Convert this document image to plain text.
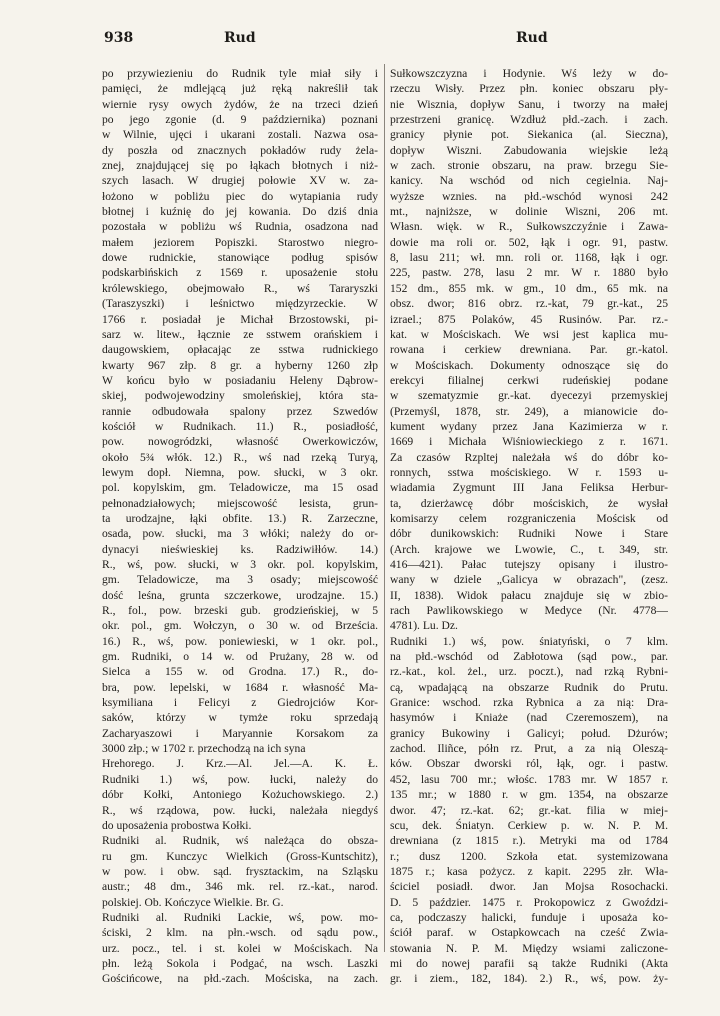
938	Rud	Rud
po przywiezieniu do Rudnik tyle miał siły i
pamięci, że mdlejącą już ręką nakreślił tak
wiernie rysy owych żydów, że na trzeci dzień
po jego zgonie (d. 9 października) poznani
w Wilnie, ujęci i ukarani zostali. Nazwa osa-
dy poszła od znacznych pokładów rudy żela-
znej, znajdującej się po łąkach błotnych i niż-
szych lasach. W drugiej połowie XV w. za-
łożono w pobliżu piec do wytapiania rudy
błotnej i kuźnię do jej kowania. Do dziś dnia
pozostała w pobliżu wś Rudnia, osadzona nad
małem jeziorem Popiszki. Starostwo niegro-
dowe rudnickie, stanowiące podług spisów
podskarbińskich z 1569 r. uposażenie stołu
królewskiego, obejmowało R., wś Tararyszki
(Taraszyszki) i leśnictwo międzyrzeckie. W
1766 r. posiadał je Michał Brzostowski, pi-
sarz w. litew., łącznie ze sstwem orańskiem i
daugowskiem, opłacając ze sstwa rudnickiego
kwarty 967 złp. 8 gr. a hyberny 1260 złp
W końcu było w posiadaniu Heleny Dąbrow-
skiej, podwojewodziny smoleńskiej, która sta-
rannie odbudowała spalony przez Szwedów
kościół w Rudnikach. 11.) R., posiadłość,
pow. nowogródzki, własność Owerkowiczów,
około 5¾ włók. 12.) R., wś nad rzeką Turyą,
lewym dopł. Niemna, pow. słucki, w 3 okr.
pol. kopylskim, gm. Teladowicze, ma 15 osad
pełnonadziałowych; miejscowość lesista, grun-
ta urodzajne, łąki obfite. 13.) R. Zarzeczne,
osada, pow. słucki, ma 3 włóki; należy do or-
dynacyi nieświeskiej ks. Radziwiłłów. 14.)
R., wś, pow. słucki, w 3 okr. pol. kopylskim,
gm. Teladowicze, ma 3 osady; miejscowość
dość leśna, grunta szczerkowe, urodzajne. 15.)
R., fol., pow. brzeski gub. grodzieńskiej, w 5
okr. pol., gm. Wołczyn, o 30 w. od Brześcia.
16.) R., wś, pow. poniewieski, w 1 okr. pol.,
gm. Rudniki, o 14 w. od Prużany, 28 w. od
Sielca a 155 w. od Grodna. 17.) R., do-
bra, pow. lepelski, w 1684 r. własność Ma-
ksymiliana i Felicyi z Giedrojciów Kor-
saków, którzy w tymże roku sprzedają
Zacharyaszowi i Maryannie Korsakom za
3000 złp.; w 1702 r. przechodzą na ich syna
Hrehorego. J. Krz.—Al. Jel.—A. K. Ł.
Rudniki 1.) wś, pow. łucki, należy do
dóbr Kołki, Antoniego Kożuchowskiego. 2.)
R., wś rządowa, pow. łucki, należała niegdyś
do uposażenia probostwa Kołki.
Rudniki al. Rudnik, wś należąca do obsza-
ru gm. Kunczyc Wielkich (Gross-Kuntschitz),
w pow. i obw. sąd. frysztackim, na Szląsku
austr.; 48 dm., 346 mk. rel. rz.-kat., narod.
polskiej. Ob. Kończyce Wielkie. Br. G.
Rudniki al. Rudniki Lackie, wś, pow. mo-
ściski, 2 klm. na płn.-wsch. od sądu pow.,
urz. pocz., tel. i st. kolei w Mościskach. Na
płn. leżą Sokola i Podgać, na wsch. Laszki
Gościńcowe, na płd.-zach. Mościska, na zach.
Sułkowszczyzna i Hodynie. Wś leży w do-
rzeczu Wisły. Przez płn. koniec obszaru pły-
nie Wisznia, dopływ Sanu, i tworzy na małej
przestrzeni granicę. Wzdłuż płd.-zach. i zach.
granicy płynie pot. Siekanica (al. Sieczna),
dopływ Wiszni. Zabudowania wiejskie leżą
w zach. stronie obszaru, na praw. brzegu Sie-
kanicy. Na wschód od nich cegielnia. Naj-
wyższe wznies. na płd.-wschód wynosi 242
mt., najniższe, w dolinie Wiszni, 206 mt.
Własn. więk. w R., Sułkowszczyźnie i Zawa-
dowie ma roli or. 502, łąk i ogr. 91, pastw.
8, lasu 211; wł. mn. roli or. 1168, łąk i ogr.
225, pastw. 278, lasu 2 mr. W r. 1880 było
152 dm., 855 mk. w gm., 10 dm., 65 mk. na
obsz. dwor; 816 obrz. rz.-kat, 79 gr.-kat., 25
izrael.; 875 Polaków, 45 Rusinów. Par. rz.-
kat. w Mościskach. We wsi jest kaplica mu-
rowana i cerkiew drewniana. Par. gr.-katol.
w Mościskach. Dokumenty odnoszące się do
erekcyi filialnej cerkwi rudeńskiej podane
w szematyzmie gr.-kat. dyecezyi przemyskiej
(Przemyśl, 1878, str. 249), a mianowicie do-
kument wydany przez Jana Kazimierza w r.
1669 i Michała Wiśniowieckiego z r. 1671.
Za czasów Rzpltej należała wś do dóbr ko-
ronnych, sstwa mościskiego. W r. 1593 u-
wiadamia Zygmunt III Jana Feliksa Herbur-
ta, dzierżawcę dóbr mościskich, że wysłał
komisarzy celem rozgraniczenia Mościsk od
dóbr dunikowskich: Rudniki Nowe i Stare
(Arch. krajowe we Lwowie, C., t. 349, str.
416—421). Pałac tutejszy opisany i ilustro-
wany w dziele „Galicya w obrazach", (zesz.
II, 1838). Widok pałacu znajduje się w zbio-
rach Pawlikowskiego w Medyce (Nr. 4778—
4781). Lu. Dz.
Rudniki 1.) wś, pow. śniatyński, o 7 klm.
na płd.-wschód od Zabłotowa (sąd pow., par.
rz.-kat., kol. żel., urz. poczt.), nad rzką Rybni-
cą, wpadającą na obszarze Rudnik do Prutu.
Granice: wschod. rzka Rybnica a za nią: Dra-
hasymów i Kniaże (nad Czeremoszem), na
granicy Bukowiny i Galicyi; połud. Dżurów;
zachod. Iliñce, półn rz. Prut, a za nią Oleszą-
ków. Obszar dworski ról, łąk, ogr. i pastw.
452, lasu 700 mr.; włośc. 1783 mr. W 1857 r.
135 mr.; w 1880 r. w gm. 1354, na obszarze
dwor. 47; rz.-kat. 62; gr.-kat. filia w miej-
scu, dek. Śniatyn. Cerkiew p. w. N. P. M.
drewniana (z 1815 r.). Metryki ma od 1784
r.; dusz 1200. Szkoła etat. systemizowana
1875 r.; kasa pożycz. z kapit. 2295 złr. Wła-
ściciel posiadł. dwor. Jan Mojsa Rosochacki.
D. 5 paździer. 1475 r. Prokopowicz z Gwoździ-
ca, podczaszy halicki, funduje i uposaża ko-
ściół paraf. w Ostapkowcach na cześć Zwia-
stowania N. P. M. Między wsiami zaliczone-
mi do nowej parafii są także Rudniki (Akta
gr. i ziem., 182, 184). 2.) R., wś, pow. ży-
